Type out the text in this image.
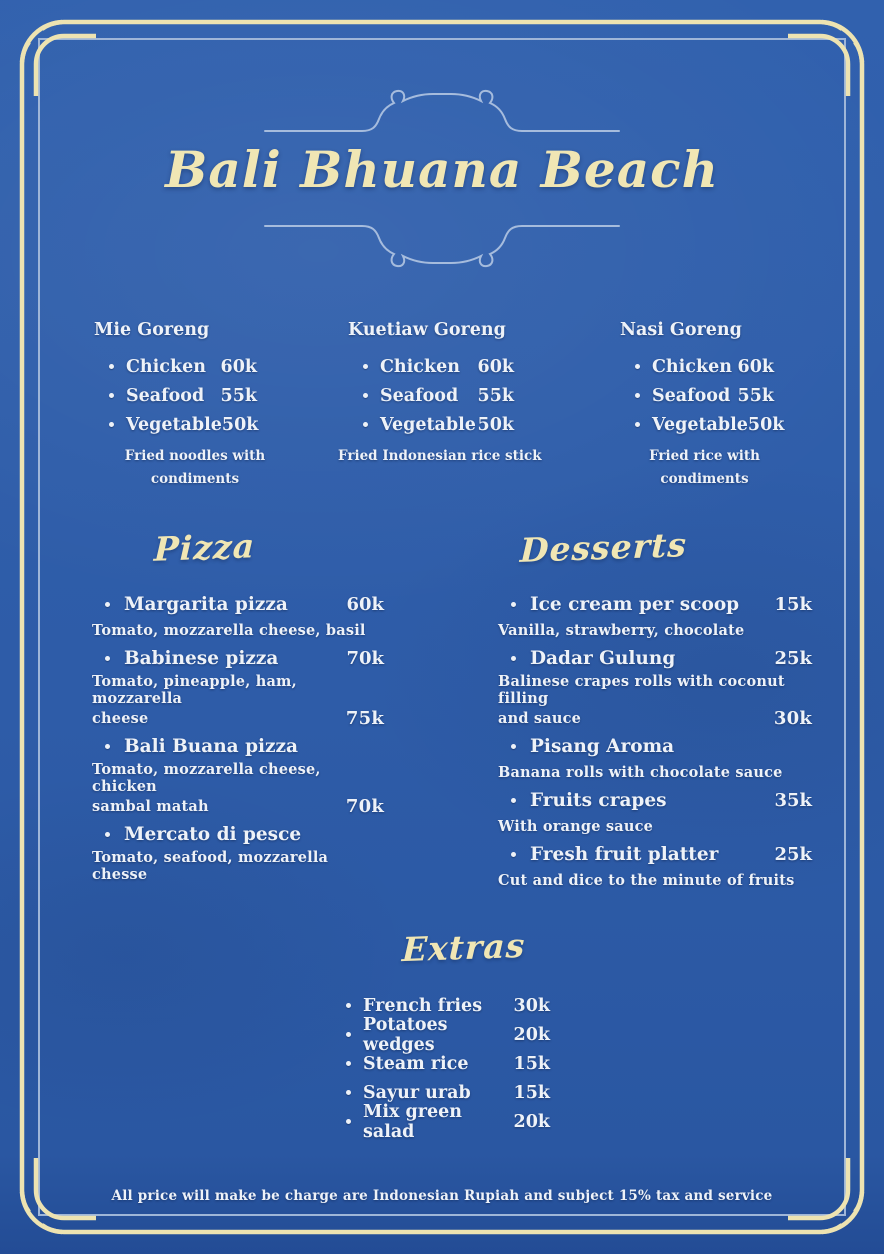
Bali Bhuana Beach
Mie Goreng
Chicken 60k
Seafood 55k
Vegetable 50k
Fried noodles with condiments
Kuetiaw Goreng
Chicken	60k
Seafood	55k
Vegetable 50k
Fried Indonesian rice stick
Nasi Goreng
Chicken 60k
Seafood 55k
Vegetable 50k
Fried rice with condiments
Pizza
Margarita pizza	60k
Tomato, mozzarella cheese, basil
Babinese pizza	70k
Tomato, pineapple, ham, mozzarella
cheese	75k
Bali Buana pizza
Tomato, mozzarella cheese, chicken
sambal matah	70k
Mercato di pesce
Tomato, seafood, mozzarella chesse
Desserts
Ice cream per scoop	15k
Vanilla, strawberry, chocolate
Dadar Gulung	25k
Balinese crapes rolls with coconut filling
and sauce	30k
Pisang Aroma
Banana rolls with chocolate sauce
Fruits crapes	35k
With orange sauce
Fresh fruit platter	25k
Cut and dice to the minute of fruits
Extras
French fries	30k
Potatoes wedges	20k
Steam rice	15k
Sayur urab	15k
Mix green salad	20k
All price will make be charge are Indonesian Rupiah and subject 15% tax and service
